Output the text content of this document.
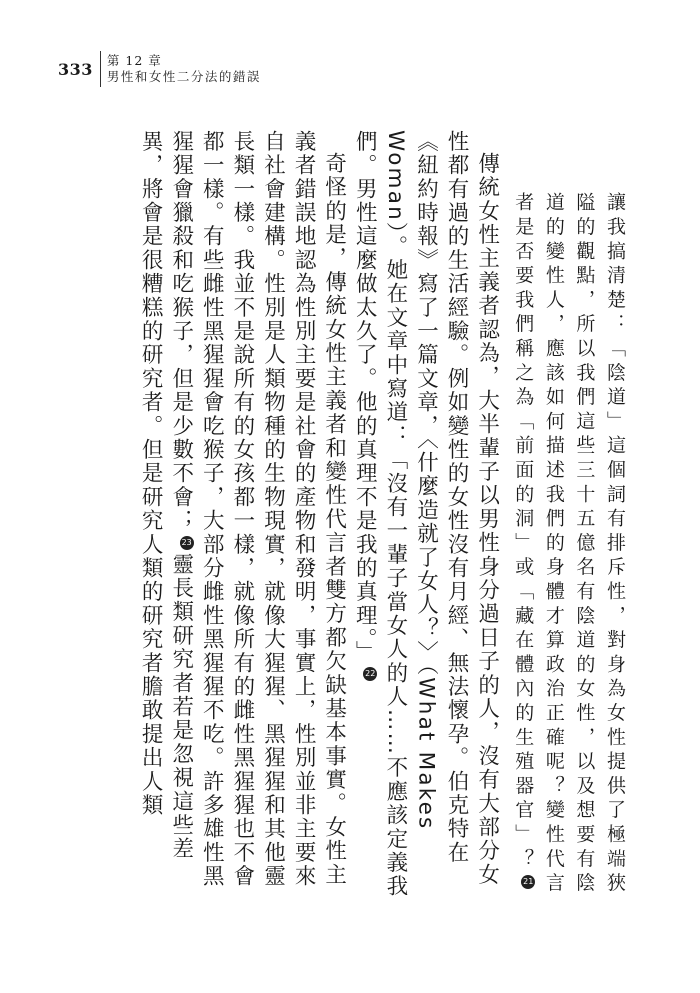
333 第 12 章
男性和女性二分法的錯誤

讓我搞清楚：「陰道」這個詞有排斥性，對身為女性提供了極端狹隘的觀點，所以我們這些三十五億名有陰道的女性，以及想要有陰道的變性人，應該如何描述我們的身體才算政治正確呢？變性代言者是否要我們稱之為「前面的洞」或「藏在體內的生殖器官」？21

傳統女性主義者認為，大半輩子以男性身分過日子的人，沒有大部分女性都有過的生活經驗。例如變性的女性沒有月經、無法懷孕。伯克特在《紐約時報》寫了一篇文章，〈什麼造就了女人？〉（What Makes Woman）。她在文章中寫道：「沒有一輩子當女人的人……不應該定義我們。男性這麼做太久了。他的真理不是我的真理。」22

奇怪的是，傳統女性主義者和變性代言者雙方都欠缺基本事實。女性主義者錯誤地認為性別主要是社會的產物和發明，事實上，性別並非主要來自社會建構。性別是人類物種的生物現實，就像大猩猩、黑猩猩和其他靈長類一樣。我並不是說所有的女孩都一樣，就像所有的雌性黑猩猩也不會都一樣。有些雌性黑猩猩會吃猴子，大部分雌性黑猩猩不吃。許多雄性黑猩猩會獵殺和吃猴子，但是少數不會；23靈長類研究者若是忽視這些差異，將會是很糟糕的研究者。但是研究人類的研究者膽敢提出人類
